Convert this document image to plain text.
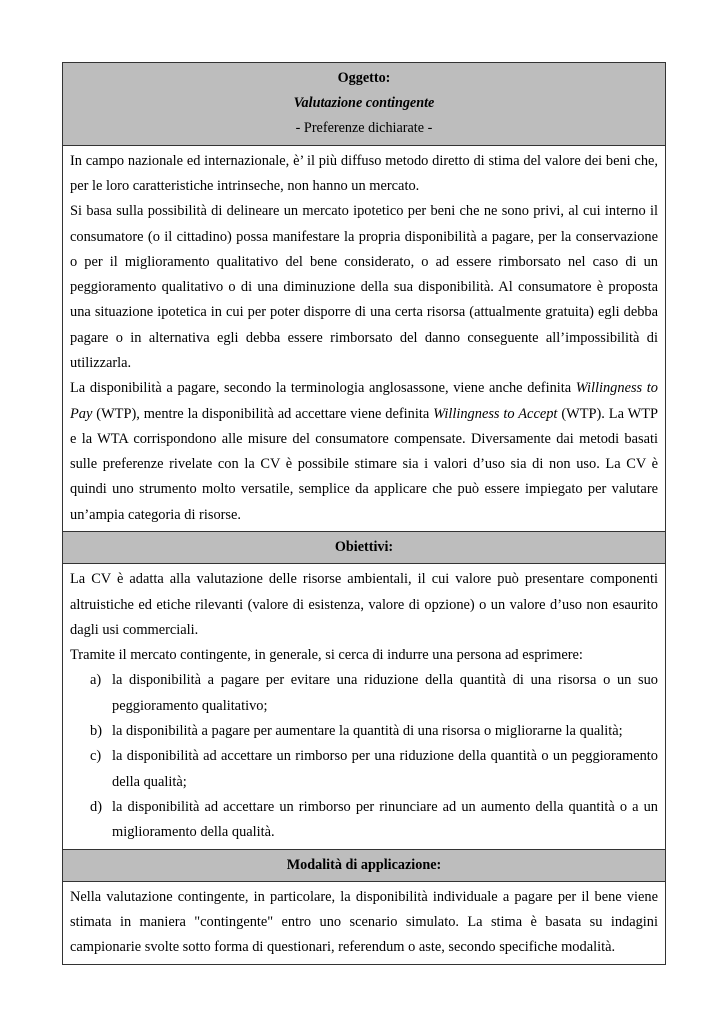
Oggetto:

Valutazione contingente

- Preferenze dichiarate -

In campo nazionale ed internazionale, è’ il più diffuso metodo diretto di stima del valore dei beni che, per le loro caratteristiche intrinseche, non hanno un mercato.

Si basa sulla possibilità di delineare un mercato ipotetico per beni che ne sono privi, al cui interno il consumatore (o il cittadino) possa manifestare la propria disponibilità a pagare, per la conservazione o per il miglioramento qualitativo del bene considerato, o ad essere rimborsato nel caso di un peggioramento qualitativo o di una diminuzione della sua disponibilità. Al consumatore è proposta una situazione ipotetica in cui per poter disporre di una certa risorsa (attualmente gratuita) egli debba pagare o in alternativa egli debba essere rimborsato del danno conseguente all’impossibilità di utilizzarla.

La disponibilità a pagare, secondo la terminologia anglosassone, viene anche definita Willingness to Pay (WTP), mentre la disponibilità ad accettare viene definita Willingness to Accept (WTP). La WTP e la WTA corrispondono alle misure del consumatore compensate. Diversamente dai metodi basati sulle preferenze rivelate con la CV è possibile stimare sia i valori d’uso sia di non uso. La CV è quindi uno strumento molto versatile, semplice da applicare che può essere impiegato per valutare un’ampia categoria di risorse.

Obiettivi:

La CV è adatta alla valutazione delle risorse ambientali, il cui valore può presentare componenti altruistiche ed etiche rilevanti (valore di esistenza, valore di opzione) o un valore d’uso non esaurito dagli usi commerciali.

Tramite il mercato contingente, in generale, si cerca di indurre una persona ad esprimere:

a) la disponibilità a pagare per evitare una riduzione della quantità di una risorsa o un suo peggioramento qualitativo;
b) la disponibilità a pagare per aumentare la quantità di una risorsa o migliorarne la qualità;
c) la disponibilità ad accettare un rimborso per una riduzione della quantità o un peggioramento della qualità;
d) la disponibilità ad accettare un rimborso per rinunciare ad un aumento della quantità o a un miglioramento della qualità.

Modalità di applicazione:

Nella valutazione contingente, in particolare, la disponibilità individuale a pagare per il bene viene stimata in maniera "contingente" entro uno scenario simulato. La stima è basata su indagini campionarie svolte sotto forma di questionari, referendum o aste, secondo specifiche modalità.
